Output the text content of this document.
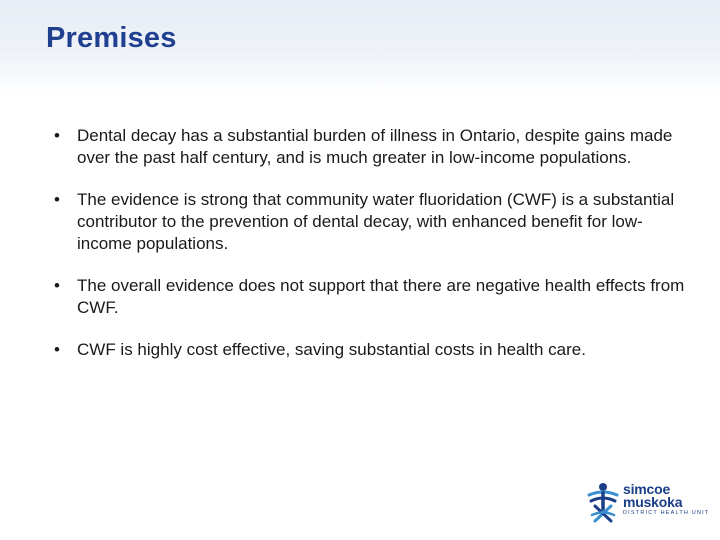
Premises
• Dental decay has a substantial burden of illness in Ontario, despite gains made over the past half century, and is much greater in low-income populations.
• The evidence is strong that community water fluoridation (CWF) is a substantial contributor to the prevention of dental decay, with enhanced benefit for low-income populations.
• The overall evidence does not support that there are negative health effects from CWF.
• CWF is highly cost effective, saving substantial costs in health care.
simcoe
muskoka
DISTRICT HEALTH UNIT
